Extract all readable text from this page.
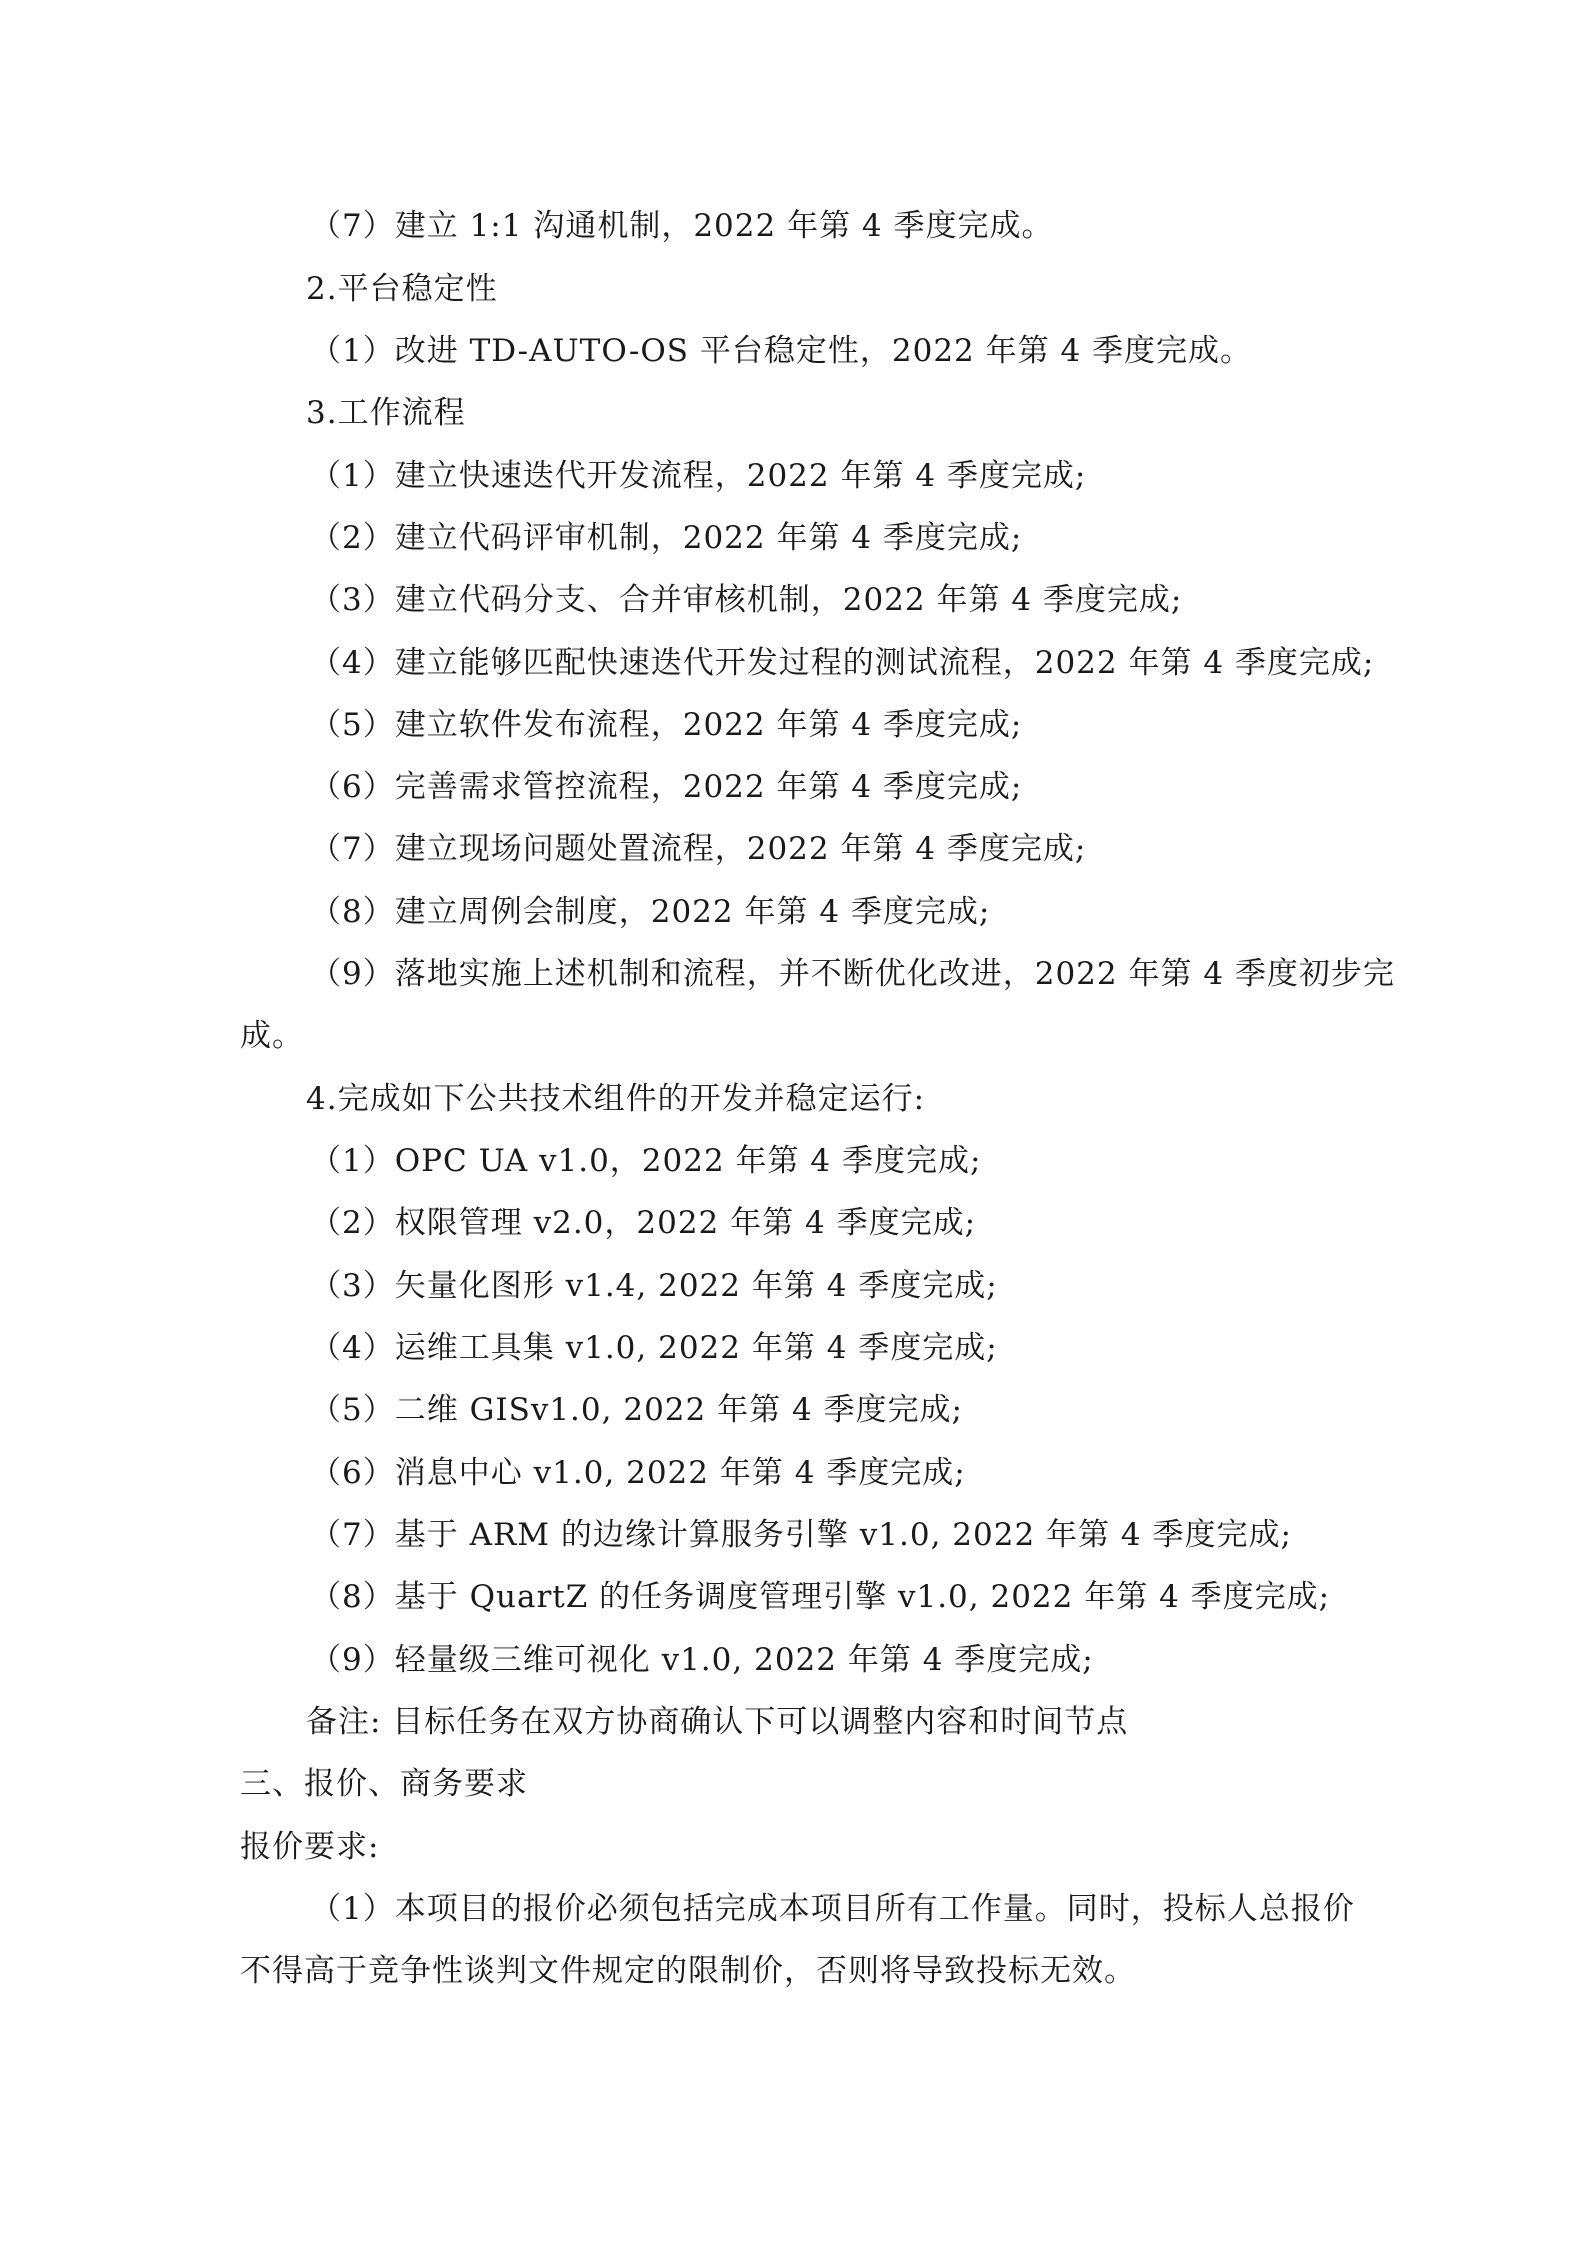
（7）建立 1:1 沟通机制，2022 年第 4 季度完成。

2.平台稳定性

（1）改进 TD-AUTO-OS 平台稳定性，2022 年第 4 季度完成。

3.工作流程

（1）建立快速迭代开发流程，2022 年第 4 季度完成;

（2）建立代码评审机制，2022 年第 4 季度完成;

（3）建立代码分支、合并审核机制，2022 年第 4 季度完成;

（4）建立能够匹配快速迭代开发过程的测试流程，2022 年第 4 季度完成;

（5）建立软件发布流程，2022 年第 4 季度完成;

（6）完善需求管控流程，2022 年第 4 季度完成;

（7）建立现场问题处置流程，2022 年第 4 季度完成;

（8）建立周例会制度，2022 年第 4 季度完成;

（9）落地实施上述机制和流程，并不断优化改进，2022 年第 4 季度初步完

成。

4.完成如下公共技术组件的开发并稳定运行:

（1）OPC UA v1.0，2022 年第 4 季度完成;

（2）权限管理 v2.0，2022 年第 4 季度完成;

（3）矢量化图形 v1.4, 2022 年第 4 季度完成;

（4）运维工具集 v1.0, 2022 年第 4 季度完成;

（5）二维 GISv1.0, 2022 年第 4 季度完成;

（6）消息中心 v1.0, 2022 年第 4 季度完成;

（7）基于 ARM 的边缘计算服务引擎 v1.0, 2022 年第 4 季度完成;

（8）基于 QuartZ 的任务调度管理引擎 v1.0, 2022 年第 4 季度完成;

（9）轻量级三维可视化 v1.0, 2022 年第 4 季度完成;

备注: 目标任务在双方协商确认下可以调整内容和时间节点

三、报价、商务要求

报价要求:

（1）本项目的报价必须包括完成本项目所有工作量。同时，投标人总报价

不得高于竞争性谈判文件规定的限制价，否则将导致投标无效。
